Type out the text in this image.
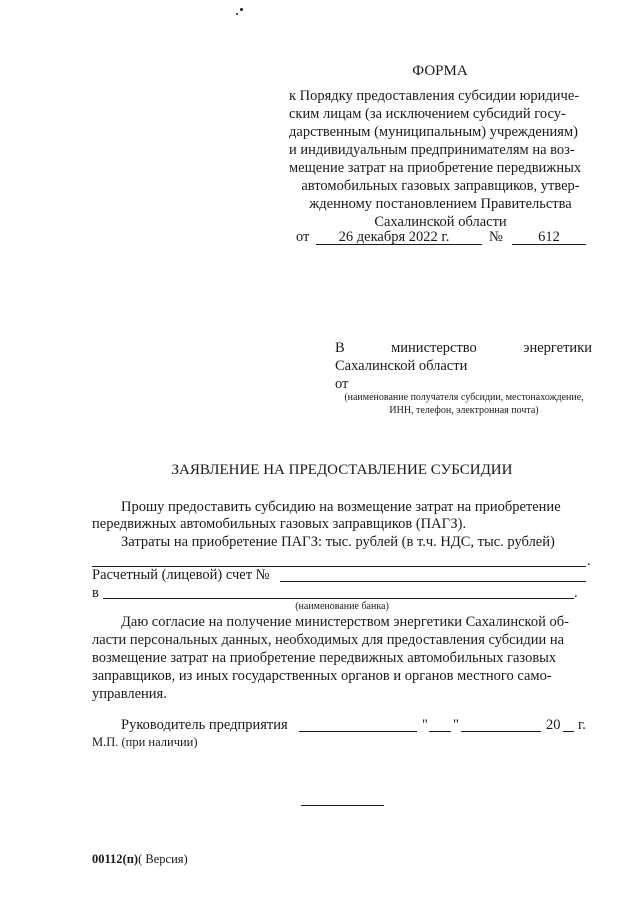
ФОРМА
к Порядку предоставления субсидии юридиче-
ским лицам (за исключением субсидий госу-
дарственным (муниципальным) учреждениям)
и индивидуальным предпринимателям на воз-
мещение затрат на приобретение передвижных
автомобильных газовых заправщиков, утвер-
жденному постановлением Правительства
Сахалинской области
от	26 декабря 2022 г.	№	612
В	министерство	энергетики
Сахалинской области
от
(наименование получателя субсидии, местонахождение,
ИНН, телефон, электронная почта)
ЗАЯВЛЕНИЕ НА ПРЕДОСТАВЛЕНИЕ СУБСИДИИ
Прошу предоставить субсидию на возмещение затрат на приобретение
передвижных автомобильных газовых заправщиков (ПАГЗ).
Затраты на приобретение ПАГЗ: тыс. рублей (в т.ч. НДС, тыс. рублей)
.
Расчетный (лицевой) счет №
в	.
(наименование банка)
Даю согласие на получение министерством энергетики Сахалинской об-
ласти персональных данных, необходимых для предоставления субсидии на
возмещение затрат на приобретение передвижных автомобильных газовых
заправщиков, из иных государственных органов и органов местного само-
управления.
Руководитель предприятия	" "	20 г.
М.П. (при наличии)
00112(п)( Версия)
